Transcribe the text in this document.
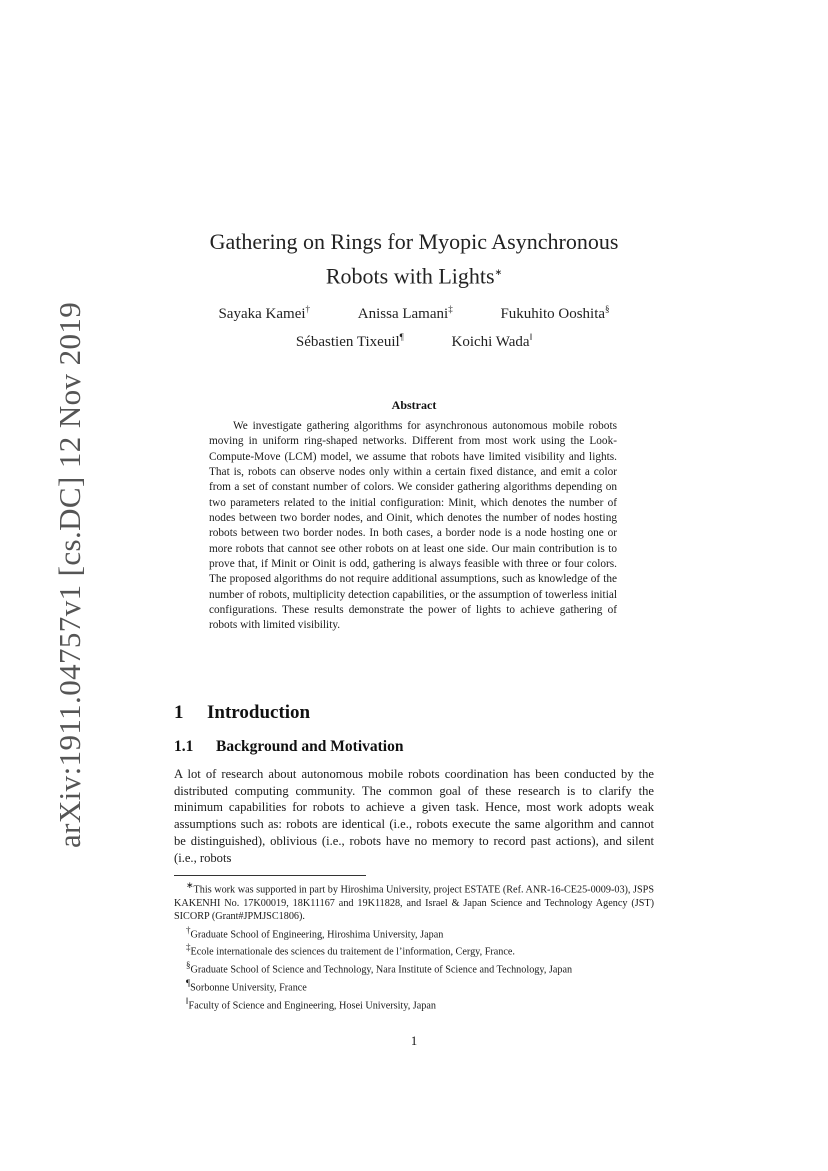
arXiv:1911.04757v1 [cs.DC] 12 Nov 2019
Gathering on Rings for Myopic Asynchronous
Robots with Lights∗
Sayaka Kamei†	Anissa Lamani‡	Fukuhito Ooshita§
Sébastien Tixeuil¶	Koichi Wada‖
Abstract
We investigate gathering algorithms for asynchronous autonomous mobile robots moving in uniform ring-shaped networks. Different from most work using the Look-Compute-Move (LCM) model, we assume that robots have limited visibility and lights. That is, robots can observe nodes only within a certain fixed distance, and emit a color from a set of constant number of colors. We consider gathering algorithms depending on two parameters related to the initial configuration: Minit, which denotes the number of nodes between two border nodes, and Oinit, which denotes the number of nodes hosting robots between two border nodes. In both cases, a border node is a node hosting one or more robots that cannot see other robots on at least one side. Our main contribution is to prove that, if Minit or Oinit is odd, gathering is always feasible with three or four colors. The proposed algorithms do not require additional assumptions, such as knowledge of the number of robots, multiplicity detection capabilities, or the assumption of towerless initial configurations. These results demonstrate the power of lights to achieve gathering of robots with limited visibility.
1 Introduction
1.1 Background and Motivation
A lot of research about autonomous mobile robots coordination has been conducted by the distributed computing community. The common goal of these research is to clarify the minimum capabilities for robots to achieve a given task. Hence, most work adopts weak assumptions such as: robots are identical (i.e., robots execute the same algorithm and cannot be distinguished), oblivious (i.e., robots have no memory to record past actions), and silent (i.e., robots
∗This work was supported in part by Hiroshima University, project ESTATE (Ref. ANR-16-CE25-0009-03), JSPS KAKENHI No. 17K00019, 18K11167 and 19K11828, and Israel & Japan Science and Technology Agency (JST) SICORP (Grant#JPMJSC1806).
†Graduate School of Engineering, Hiroshima University, Japan
‡Ecole internationale des sciences du traitement de l’information, Cergy, France.
§Graduate School of Science and Technology, Nara Institute of Science and Technology, Japan
¶Sorbonne University, France
‖Faculty of Science and Engineering, Hosei University, Japan
1
